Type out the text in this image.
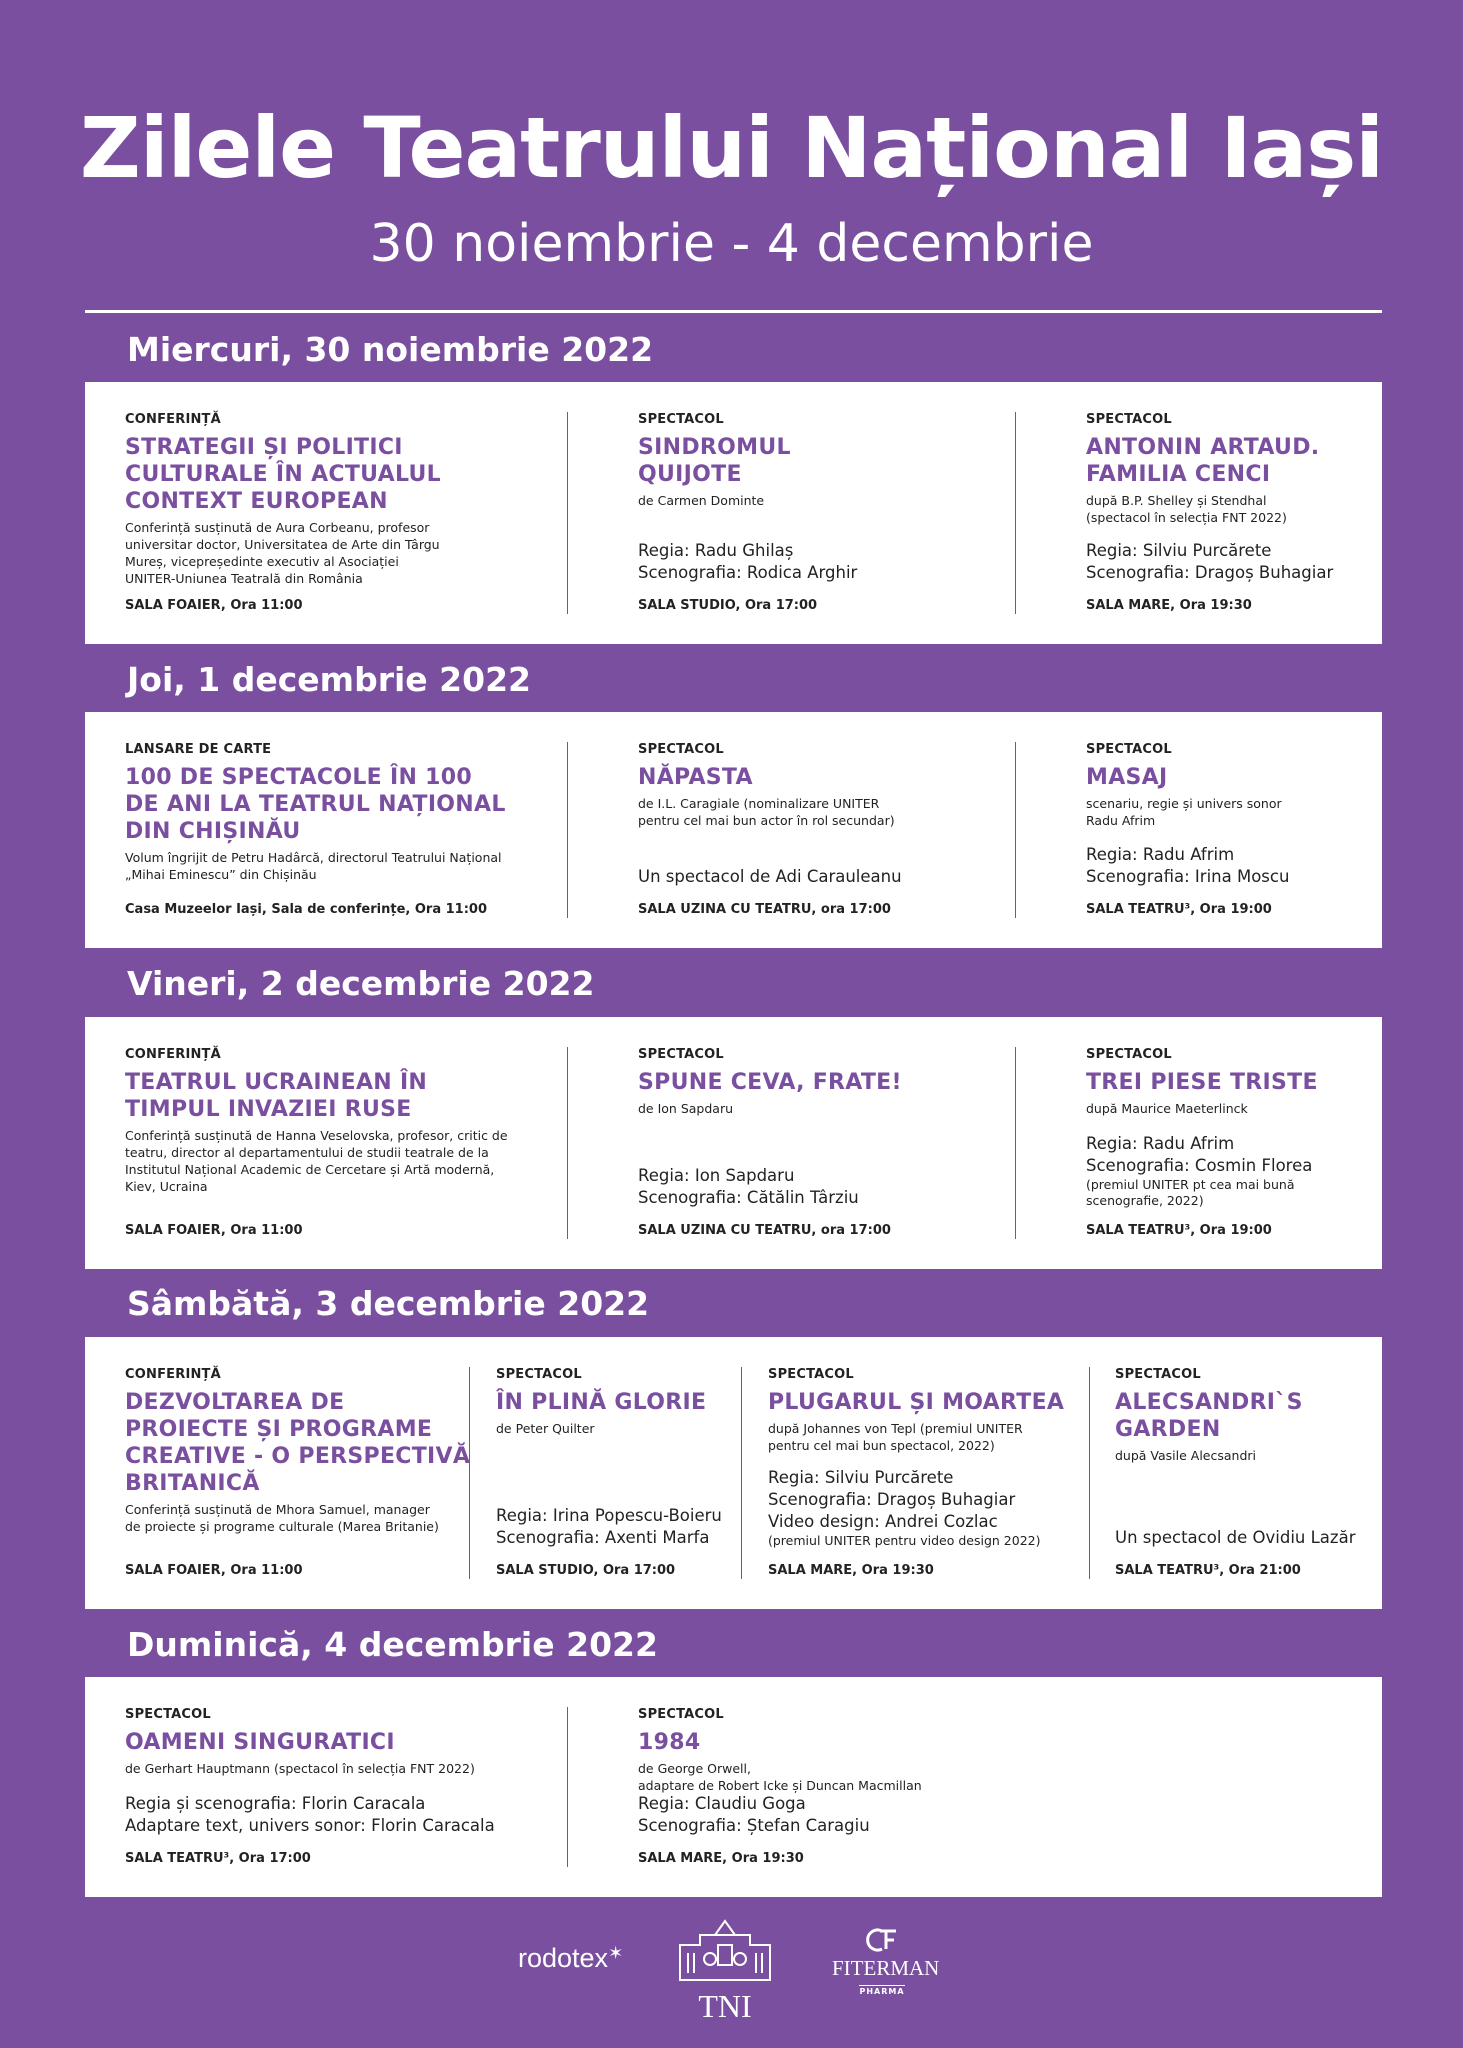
Zilele Teatrului Național Iași
30 noiembrie - 4 decembrie
Miercuri, 30 noiembrie 2022
CONFERINȚĂ
STRATEGII ȘI POLITICI
CULTURALE ÎN ACTUALUL
CONTEXT EUROPEAN
Conferință susținută de Aura Corbeanu, profesor
universitar doctor, Universitatea de Arte din Târgu
Mureș, vicepreședinte executiv al Asociației
UNITER-Uniunea Teatrală din România
SALA FOAIER, Ora 11:00
SPECTACOL
SINDROMUL
QUIJOTE
de Carmen Dominte
Regia: Radu Ghilaș
Scenografia: Rodica Arghir
SALA STUDIO, Ora 17:00
SPECTACOL
ANTONIN ARTAUD.
FAMILIA CENCI
după B.P. Shelley și Stendhal
(spectacol în selecția FNT 2022)
Regia: Silviu Purcărete
Scenografia: Dragoș Buhagiar
SALA MARE, Ora 19:30
Joi, 1 decembrie 2022
LANSARE DE CARTE
100 DE SPECTACOLE ÎN 100
DE ANI LA TEATRUL NAȚIONAL
DIN CHIȘINĂU
Volum îngrijit de Petru Hadârcă, directorul Teatrului Național
„Mihai Eminescu” din Chișinău
Casa Muzeelor Iași, Sala de conferințe, Ora 11:00
SPECTACOL
NĂPASTA
de I.L. Caragiale (nominalizare UNITER
pentru cel mai bun actor în rol secundar)
Un spectacol de Adi Carauleanu
SALA UZINA CU TEATRU, ora 17:00
SPECTACOL
MASAJ
scenariu, regie și univers sonor
Radu Afrim
Regia: Radu Afrim
Scenografia: Irina Moscu
SALA TEATRU³, Ora 19:00
Vineri, 2 decembrie 2022
CONFERINȚĂ
TEATRUL UCRAINEAN ÎN
TIMPUL INVAZIEI RUSE
Conferință susținută de Hanna Veselovska, profesor, critic de
teatru, director al departamentului de studii teatrale de la
Institutul Național Academic de Cercetare și Artă modernă,
Kiev, Ucraina
SALA FOAIER, Ora 11:00
SPECTACOL
SPUNE CEVA, FRATE!
de Ion Sapdaru
Regia: Ion Sapdaru
Scenografia: Cătălin Târziu
SALA UZINA CU TEATRU, ora 17:00
SPECTACOL
TREI PIESE TRISTE
după Maurice Maeterlinck
Regia: Radu Afrim
Scenografia: Cosmin Florea
(premiul UNITER pt cea mai bună
scenografie, 2022)
SALA TEATRU³, Ora 19:00
Sâmbătă, 3 decembrie 2022
CONFERINȚĂ
DEZVOLTAREA DE
PROIECTE ȘI PROGRAME
CREATIVE - O PERSPECTIVĂ
BRITANICĂ
Conferință susținută de Mhora Samuel, manager
de proiecte și programe culturale (Marea Britanie)
SALA FOAIER, Ora 11:00
SPECTACOL
ÎN PLINĂ GLORIE
de Peter Quilter
Regia: Irina Popescu-Boieru
Scenografia: Axenti Marfa
SALA STUDIO, Ora 17:00
SPECTACOL
PLUGARUL ȘI MOARTEA
după Johannes von Tepl (premiul UNITER
pentru cel mai bun spectacol, 2022)
Regia: Silviu Purcărete
Scenografia: Dragoș Buhagiar
Video design: Andrei Cozlac
(premiul UNITER pentru video design 2022)
SALA MARE, Ora 19:30
SPECTACOL
ALECSANDRI`S
GARDEN
după Vasile Alecsandri
Un spectacol de Ovidiu Lazăr
SALA TEATRU³, Ora 21:00
Duminică, 4 decembrie 2022
SPECTACOL
OAMENI SINGURATICI
de Gerhart Hauptmann (spectacol în selecția FNT 2022)
Regia și scenografia: Florin Caracala
Adaptare text, univers sonor: Florin Caracala
SALA TEATRU³, Ora 17:00
SPECTACOL
1984
de George Orwell,
adaptare de Robert Icke și Duncan Macmillan
Regia: Claudiu Goga
Scenografia: Ștefan Caragiu
SALA MARE, Ora 19:30
rodotex✶
TNI
FITERMAN
PHARMA
